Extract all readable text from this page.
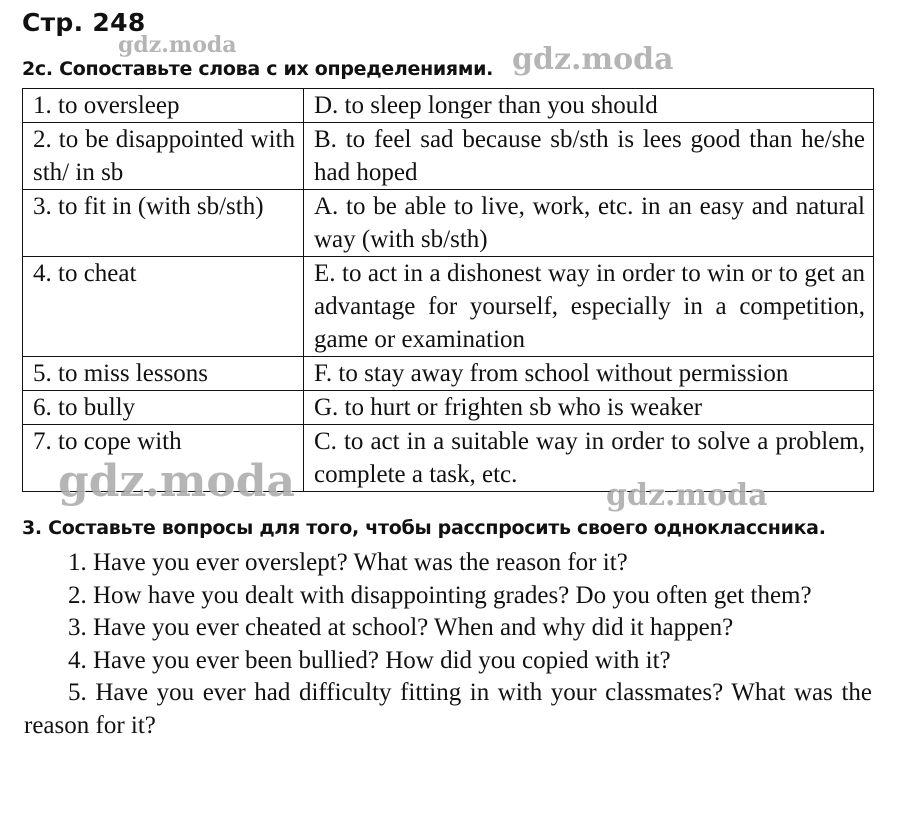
Стр. 248
gdz.moda
2с. Сопоставьте слова с их определениями. gdz.moda
1. to oversleep	D. to sleep longer than you should
2. to be disappointed with sth/ in sb	B. to feel sad because sb/sth is lees good than he/she had hoped
3. to fit in (with sb/sth)	A. to be able to live, work, etc. in an easy and natural way (with sb/sth)
4. to cheat	E. to act in a dishonest way in order to win or to get an advantage for yourself, especially in a competition, game or examination
5. to miss lessons	F. to stay away from school without permission
6. to bully	G. to hurt or frighten sb who is weaker
7. to cope with	C. to act in a suitable way in order to solve a problem, complete a task, etc.
gdz.moda	gdz.moda
3. Составьте вопросы для того, чтобы расспросить своего одноклассника.

1. Have you ever overslept? What was the reason for it?

2. How have you dealt with disappointing grades? Do you often get them?

3. Have you ever cheated at school? When and why did it happen?

4. Have you ever been bullied? How did you copied with it?

5. Have you ever had difficulty fitting in with your classmates? What was the reason for it?
